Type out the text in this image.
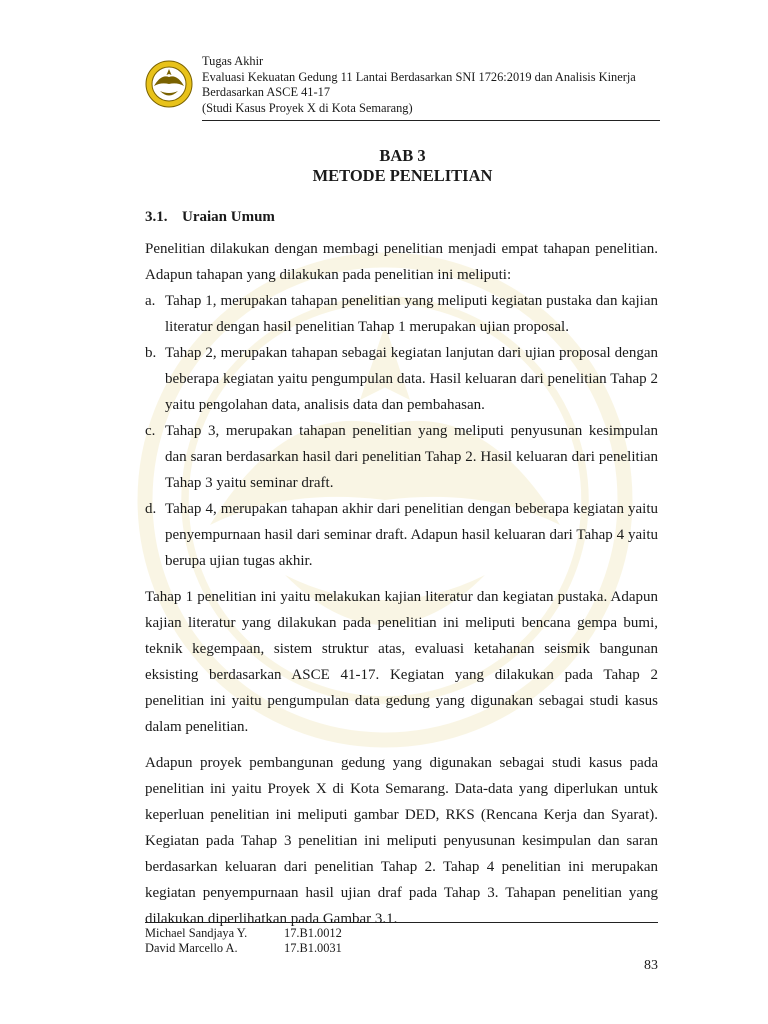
Tugas Akhir
Evaluasi Kekuatan Gedung 11 Lantai Berdasarkan SNI 1726:2019 dan Analisis Kinerja
Berdasarkan ASCE 41-17
(Studi Kasus Proyek X di Kota Semarang)
BAB 3
METODE PENELITIAN
3.1. Uraian Umum

Penelitian dilakukan dengan membagi penelitian menjadi empat tahapan penelitian. Adapun tahapan yang dilakukan pada penelitian ini meliputi:

a. Tahap 1, merupakan tahapan penelitian yang meliputi kegiatan pustaka dan kajian literatur dengan hasil penelitian Tahap 1 merupakan ujian proposal.
b. Tahap 2, merupakan tahapan sebagai kegiatan lanjutan dari ujian proposal dengan beberapa kegiatan yaitu pengumpulan data. Hasil keluaran dari penelitian Tahap 2 yaitu pengolahan data, analisis data dan pembahasan.
c. Tahap 3, merupakan tahapan penelitian yang meliputi penyusunan kesimpulan dan saran berdasarkan hasil dari penelitian Tahap 2. Hasil keluaran dari penelitian Tahap 3 yaitu seminar draft.
d. Tahap 4, merupakan tahapan akhir dari penelitian dengan beberapa kegiatan yaitu penyempurnaan hasil dari seminar draft. Adapun hasil keluaran dari Tahap 4 yaitu berupa ujian tugas akhir.

Tahap 1 penelitian ini yaitu melakukan kajian literatur dan kegiatan pustaka. Adapun kajian literatur yang dilakukan pada penelitian ini meliputi bencana gempa bumi, teknik kegempaan, sistem struktur atas, evaluasi ketahanan seismik bangunan eksisting berdasarkan ASCE 41-17. Kegiatan yang dilakukan pada Tahap 2 penelitian ini yaitu pengumpulan data gedung yang digunakan sebagai studi kasus dalam penelitian.

Adapun proyek pembangunan gedung yang digunakan sebagai studi kasus pada penelitian ini yaitu Proyek X di Kota Semarang. Data-data yang diperlukan untuk keperluan penelitian ini meliputi gambar DED, RKS (Rencana Kerja dan Syarat). Kegiatan pada Tahap 3 penelitian ini meliputi penyusunan kesimpulan dan saran berdasarkan keluaran dari penelitian Tahap 2. Tahap 4 penelitian ini merupakan kegiatan penyempurnaan hasil ujian draf pada Tahap 3. Tahapan penelitian yang dilakukan diperlihatkan pada Gambar 3.1.

Michael Sandjaya Y.	17.B1.0012
David Marcello A.	17.B1.0031
83
